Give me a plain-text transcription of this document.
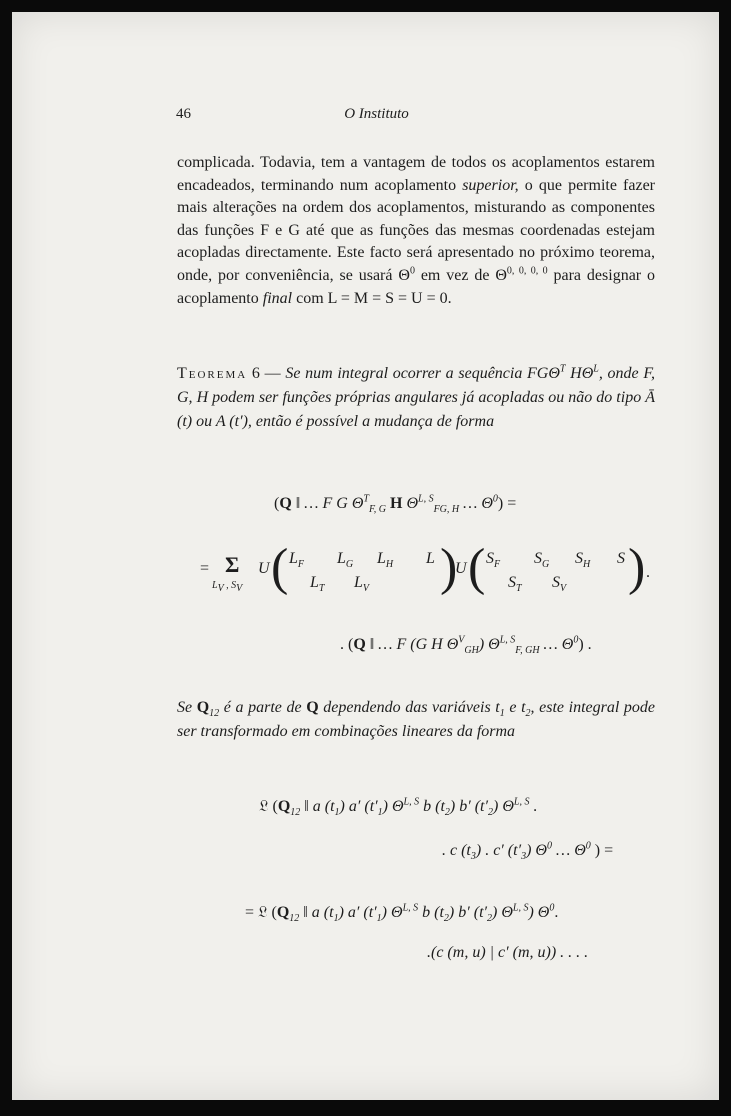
46	O Instituto

complicada. Todavia, tem a vantagem de todos os acoplamentos estarem encadeados, terminando num acoplamento superior, o que permite fazer mais alterações na ordem dos acoplamentos, misturando as componentes das funções F e G até que as funções das mesmas coordenadas estejam acopladas directamente. Este facto será apresentado no próximo teorema, onde, por conveniência, se usará $\Theta^0$ em vez de Θ$^{0, 0, 0, 0}$ para designar o acoplamento final com L = M = S = U = 0.

Teorema 6 — Se num integral ocorrer a sequência $FG\Theta^T$ $H\Theta^L$, onde F, G, H podem ser funções próprias angulares já acopladas ou não do tipo Ā (t) ou A (t′), então é possível a mudança de forma
(Q ‖ … F G $\Theta^T_{F, G}$ H $\Theta^{L, S}_{FG, H}$ … $\Theta^0$) =
= Σ
$L_V$ , $S_V$
U ( $L_F$ $L_G$ $L_H$ L
$L_T$ $L_V$ )
U ( $S_F$ $S_G$ $S_H$ S
$S_T$ $S_V$ ) .
. (Q ‖ … F (G H $\Theta^V_{GH}$) $\Theta^{L, S}_{F, GH}$ … $\Theta^0$) .
Se $Q_{12}$ é a parte de Q dependendo das variáveis $t_1$ e $t_2$, este integral pode ser transformado em combinações lineares da forma
𝔏 ($Q_{12}$ ‖ a $(t_1)$ a′ $(t'_1)$ $\Theta^{L, S}$ b $(t_2)$ b′ $(t'_2)$ $\Theta^{L, S}$ .
. c $(t_3)$ . c′ $(t'_3)$ $\Theta^0$ … $\Theta^0$ ) =
= 𝔏 ($Q_{12}$ ‖ a $(t_1)$ a′ $(t'_1)$ $\Theta^{L, S}$ b $(t_2)$ b′ $(t'_2)$ $\Theta^{L, S}$) $\Theta^0$.
.(c (m, u) | c′ (m, u)) . . . .
